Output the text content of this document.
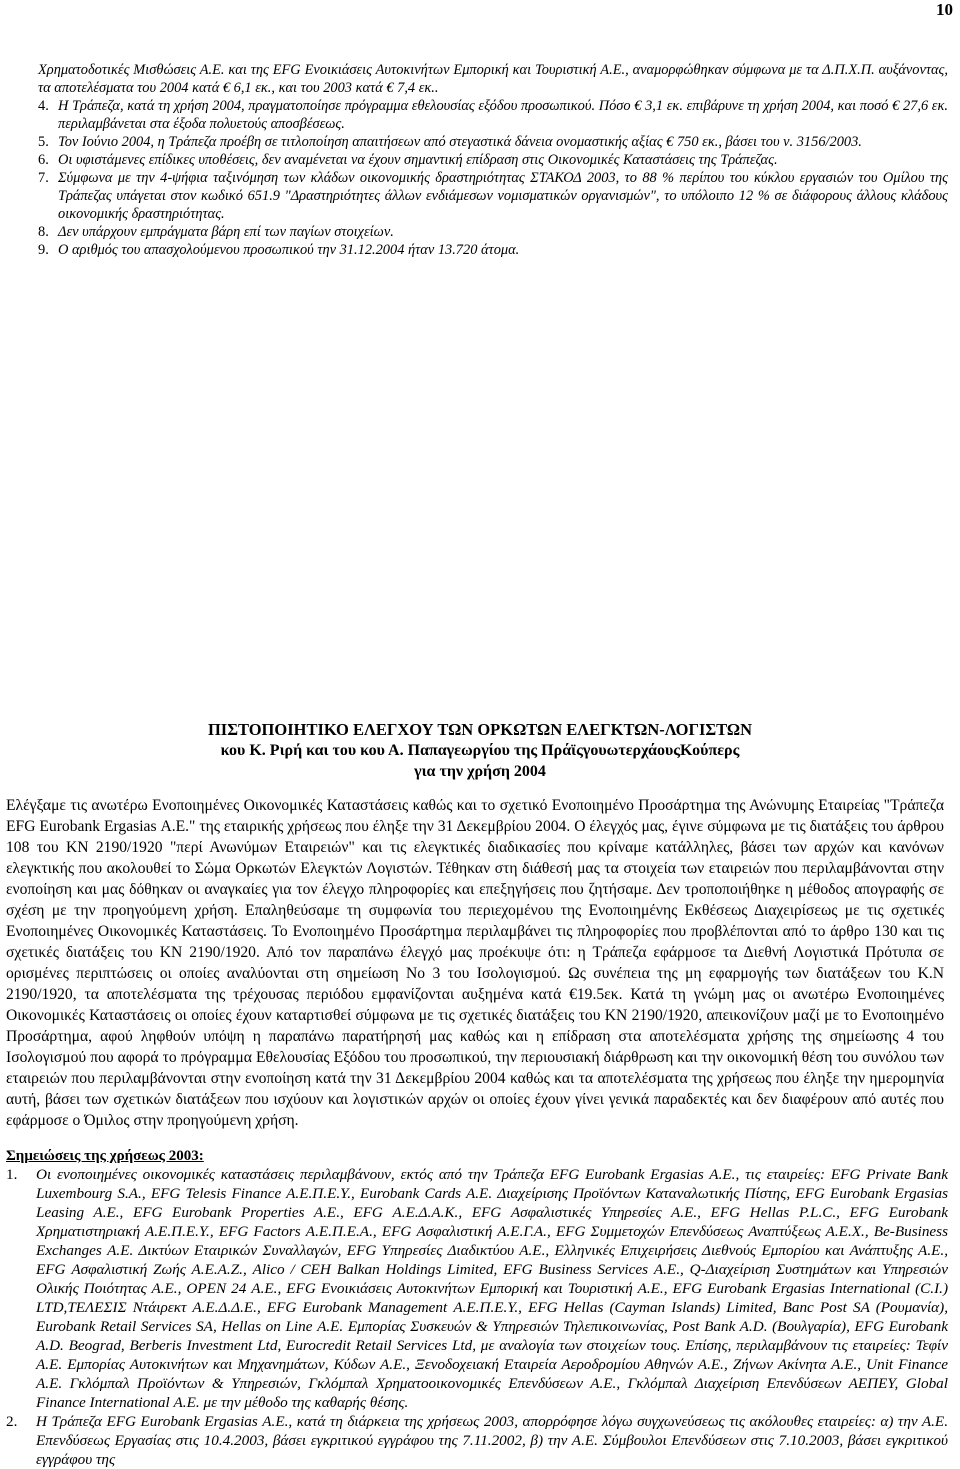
10
Χρηματοδοτικές Μισθώσεις Α.Ε. και της EFG Ενοικιάσεις Αυτοκινήτων Εμπορική και Τουριστική Α.Ε., αναμορφώθηκαν σύμφωνα με τα Δ.Π.Χ.Π. αυξάνοντας, τα αποτελέσματα του 2004 κατά € 6,1 εκ., και του 2003 κατά € 7,4 εκ..
4. Η Τράπεζα, κατά τη χρήση 2004, πραγματοποίησε πρόγραμμα εθελουσίας εξόδου προσωπικού. Πόσο € 3,1 εκ. επιβάρυνε τη χρήση 2004, και ποσό € 27,6 εκ. περιλαμβάνεται στα έξοδα πολυετούς αποσβέσεως.
5. Τον Ιούνιο 2004, η Τράπεζα προέβη σε τιτλοποίηση απαιτήσεων από στεγαστικά δάνεια ονομαστικής αξίας € 750 εκ., βάσει του ν. 3156/2003.
6. Οι υφιστάμενες επίδικες υποθέσεις, δεν αναμένεται να έχουν σημαντική επίδραση στις Οικονομικές Καταστάσεις της Τράπεζας.
7. Σύμφωνα με την 4-ψήφια ταξινόμηση των κλάδων οικονομικής δραστηριότητας ΣΤΑΚΟΔ 2003, το 88 % περίπου του κύκλου εργασιών του Ομίλου της Τράπεζας υπάγεται στον κωδικό 651.9 "Δραστηριότητες άλλων ενδιάμεσων νομισματικών οργανισμών", το υπόλοιπο 12 % σε διάφορους άλλους κλάδους οικονομικής δραστηριότητας.
8. Δεν υπάρχουν εμπράγματα βάρη επί των παγίων στοιχείων.
9. Ο αριθμός του απασχολούμενου προσωπικού την 31.12.2004 ήταν 13.720 άτομα.
ΠΙΣΤΟΠΟΙΗΤΙΚΟ ΕΛΕΓΧΟΥ ΤΩΝ ΟΡΚΩΤΩΝ ΕΛΕΓΚΤΩΝ-ΛΟΓΙΣΤΩΝ
κου Κ. Ριρή και του κου Α. Παπαγεωργίου της ΠράϊςγουωτερχάουςΚούπερς
για την χρήση 2004
Ελέγξαμε τις ανωτέρω Ενοποιημένες Οικονομικές Καταστάσεις καθώς και το σχετικό Ενοποιημένο Προσάρτημα της Ανώνυμης Εταιρείας "Τράπεζα EFG Eurobank Ergasias Α.Ε." της εταιρικής χρήσεως που έληξε την 31 Δεκεμβρίου 2004. Ο έλεγχός μας, έγινε σύμφωνα με τις διατάξεις του άρθρου 108 του ΚΝ 2190/1920 "περί Ανωνύμων Εταιρειών" και τις ελεγκτικές διαδικασίες που κρίναμε κατάλληλες, βάσει των αρχών και κανόνων ελεγκτικής που ακολουθεί το Σώμα Ορκωτών Ελεγκτών Λογιστών. Τέθηκαν στη διάθεσή μας τα στοιχεία των εταιρειών που περιλαμβάνονται στην ενοποίηση και μας δόθηκαν οι αναγκαίες για τον έλεγχο πληροφορίες και επεξηγήσεις που ζητήσαμε. Δεν τροποποιήθηκε η μέθοδος απογραφής σε σχέση με την προηγούμενη χρήση. Επαληθεύσαμε τη συμφωνία του περιεχομένου της Ενοποιημένης Εκθέσεως Διαχειρίσεως με τις σχετικές Ενοποιημένες Οικονομικές Καταστάσεις. Το Ενοποιημένο Προσάρτημα περιλαμβάνει τις πληροφορίες που προβλέπονται από το άρθρο 130 και τις σχετικές διατάξεις του ΚΝ 2190/1920. Από τον παραπάνω έλεγχό μας προέκυψε ότι: η Τράπεζα εφάρμοσε τα Διεθνή Λογιστικά Πρότυπα σε ορισμένες περιπτώσεις οι οποίες αναλύονται στη σημείωση No 3 του Ισολογισμού. Ως συνέπεια της μη εφαρμογής των διατάξεων του Κ.Ν 2190/1920, τα αποτελέσματα της τρέχουσας περιόδου εμφανίζονται αυξημένα κατά €19.5εκ. Κατά τη γνώμη μας οι ανωτέρω Ενοποιημένες Οικονομικές Καταστάσεις οι οποίες έχουν καταρτισθεί σύμφωνα με τις σχετικές διατάξεις του ΚΝ 2190/1920, απεικονίζουν μαζί με το Ενοποιημένο Προσάρτημα, αφού ληφθούν υπόψη η παραπάνω παρατήρησή μας καθώς και η επίδραση στα αποτελέσματα χρήσης της σημείωσης 4 του Ισολογισμού που αφορά το πρόγραμμα Εθελουσίας Εξόδου του προσωπικού, την περιουσιακή διάρθρωση και την οικονομική θέση του συνόλου των εταιρειών που περιλαμβάνονται στην ενοποίηση κατά την 31 Δεκεμβρίου 2004 καθώς και τα αποτελέσματα της χρήσεως που έληξε την ημερομηνία αυτή, βάσει των σχετικών διατάξεων που ισχύουν και λογιστικών αρχών οι οποίες έχουν γίνει γενικά παραδεκτές και δεν διαφέρουν από αυτές που εφάρμοσε ο Όμιλος στην προηγούμενη χρήση.
Σημειώσεις της χρήσεως 2003:
1.	Οι ενοποιημένες οικονομικές καταστάσεις περιλαμβάνουν, εκτός από την Τράπεζα EFG Eurobank Ergasias A.E., τις εταιρείες: EFG Private Bank Luxembourg S.A., EFG Telesis Finance A.E.Π.Ε.Υ., Eurobank Cards A.E. Διαχείρισης Προϊόντων Καταναλωτικής Πίστης, EFG Eurobank Ergasias Leasing A.E., EFG Eurobank Properties A.E., EFG Α.Ε.Δ.Α.Κ., EFG Ασφαλιστικές Υπηρεσίες Α.Ε., EFG Hellas P.L.C., EFG Eurobank Χρηματιστηριακή Α.Ε.Π.Ε.Υ., EFG Factors Α.Ε.Π.Ε.Α., EFG Ασφαλιστική Α.Ε.Γ.Α., EFG Συμμετοχών Επενδύσεως Αναπτύξεως Α.Ε.Χ., Be-Business Exchanges Α.Ε. Δικτύων Εταιρικών Συναλλαγών, EFG Υπηρεσίες Διαδικτύου Α.Ε., Ελληνικές Επιχειρήσεις Διεθνούς Εμπορίου και Ανάπτυξης Α.Ε., EFG Ασφαλιστική Ζωής Α.Ε.Α.Ζ., Alico / CEH Balkan Holdings Limited, EFG Business Services Α.Ε., Q-Διαχείριση Συστημάτων και Υπηρεσιών Ολικής Ποιότητας Α.Ε., OPEN 24 Α.Ε., EFG Ενοικιάσεις Αυτοκινήτων Εμπορική και Τουριστική Α.Ε., EFG Eurobank Ergasias International (C.I.) LTD,ΤΕΛΕΣΙΣ Ντάιρεκτ Α.Ε.Δ.Δ.Ε., EFG Eurobank Management Α.Ε.Π.Ε.Υ., EFG Hellas (Cayman Islands) Limited, Banc Post SA (Ρουμανία), Eurobank Retail Services SA, Hellas on Line Α.Ε. Εμπορίας Συσκευών & Υπηρεσιών Τηλεπικοινωνίας, Post Bank A.D. (Βουλγαρία), EFG Eurobank A.D. Beograd, Berberis Investment Ltd, Eurocredit Retail Services Ltd, με αναλογία των στοιχείων τους. Επίσης, περιλαμβάνουν τις εταιρείες: Τεφίν Α.Ε. Εμπορίας Αυτοκινήτων και Μηχανημάτων, Κύδων Α.Ε., Ξενοδοχειακή Εταιρεία Αεροδρομίου Αθηνών Α.Ε., Ζήνων Ακίνητα Α.Ε., Unit Finance Α.Ε. Γκλόμπαλ Προϊόντων & Υπηρεσιών, Γκλόμπαλ Χρηματοοικονομικές Επενδύσεων Α.Ε., Γκλόμπαλ Διαχείριση Επενδύσεων ΑΕΠΕΥ, Global Finance International Α.Ε. με την μέθοδο της καθαρής θέσης.
2.	Η Τράπεζα EFG Eurobank Ergasias Α.Ε., κατά τη διάρκεια της χρήσεως 2003, απορρόφησε λόγω συγχωνεύσεως τις ακόλουθες εταιρείες: α) την Α.Ε. Επενδύσεως Εργασίας στις 10.4.2003, βάσει εγκριτικού εγγράφου της 7.11.2002, β) την Α.Ε. Σύμβουλοι Επενδύσεων στις 7.10.2003, βάσει εγκριτικού εγγράφου της
